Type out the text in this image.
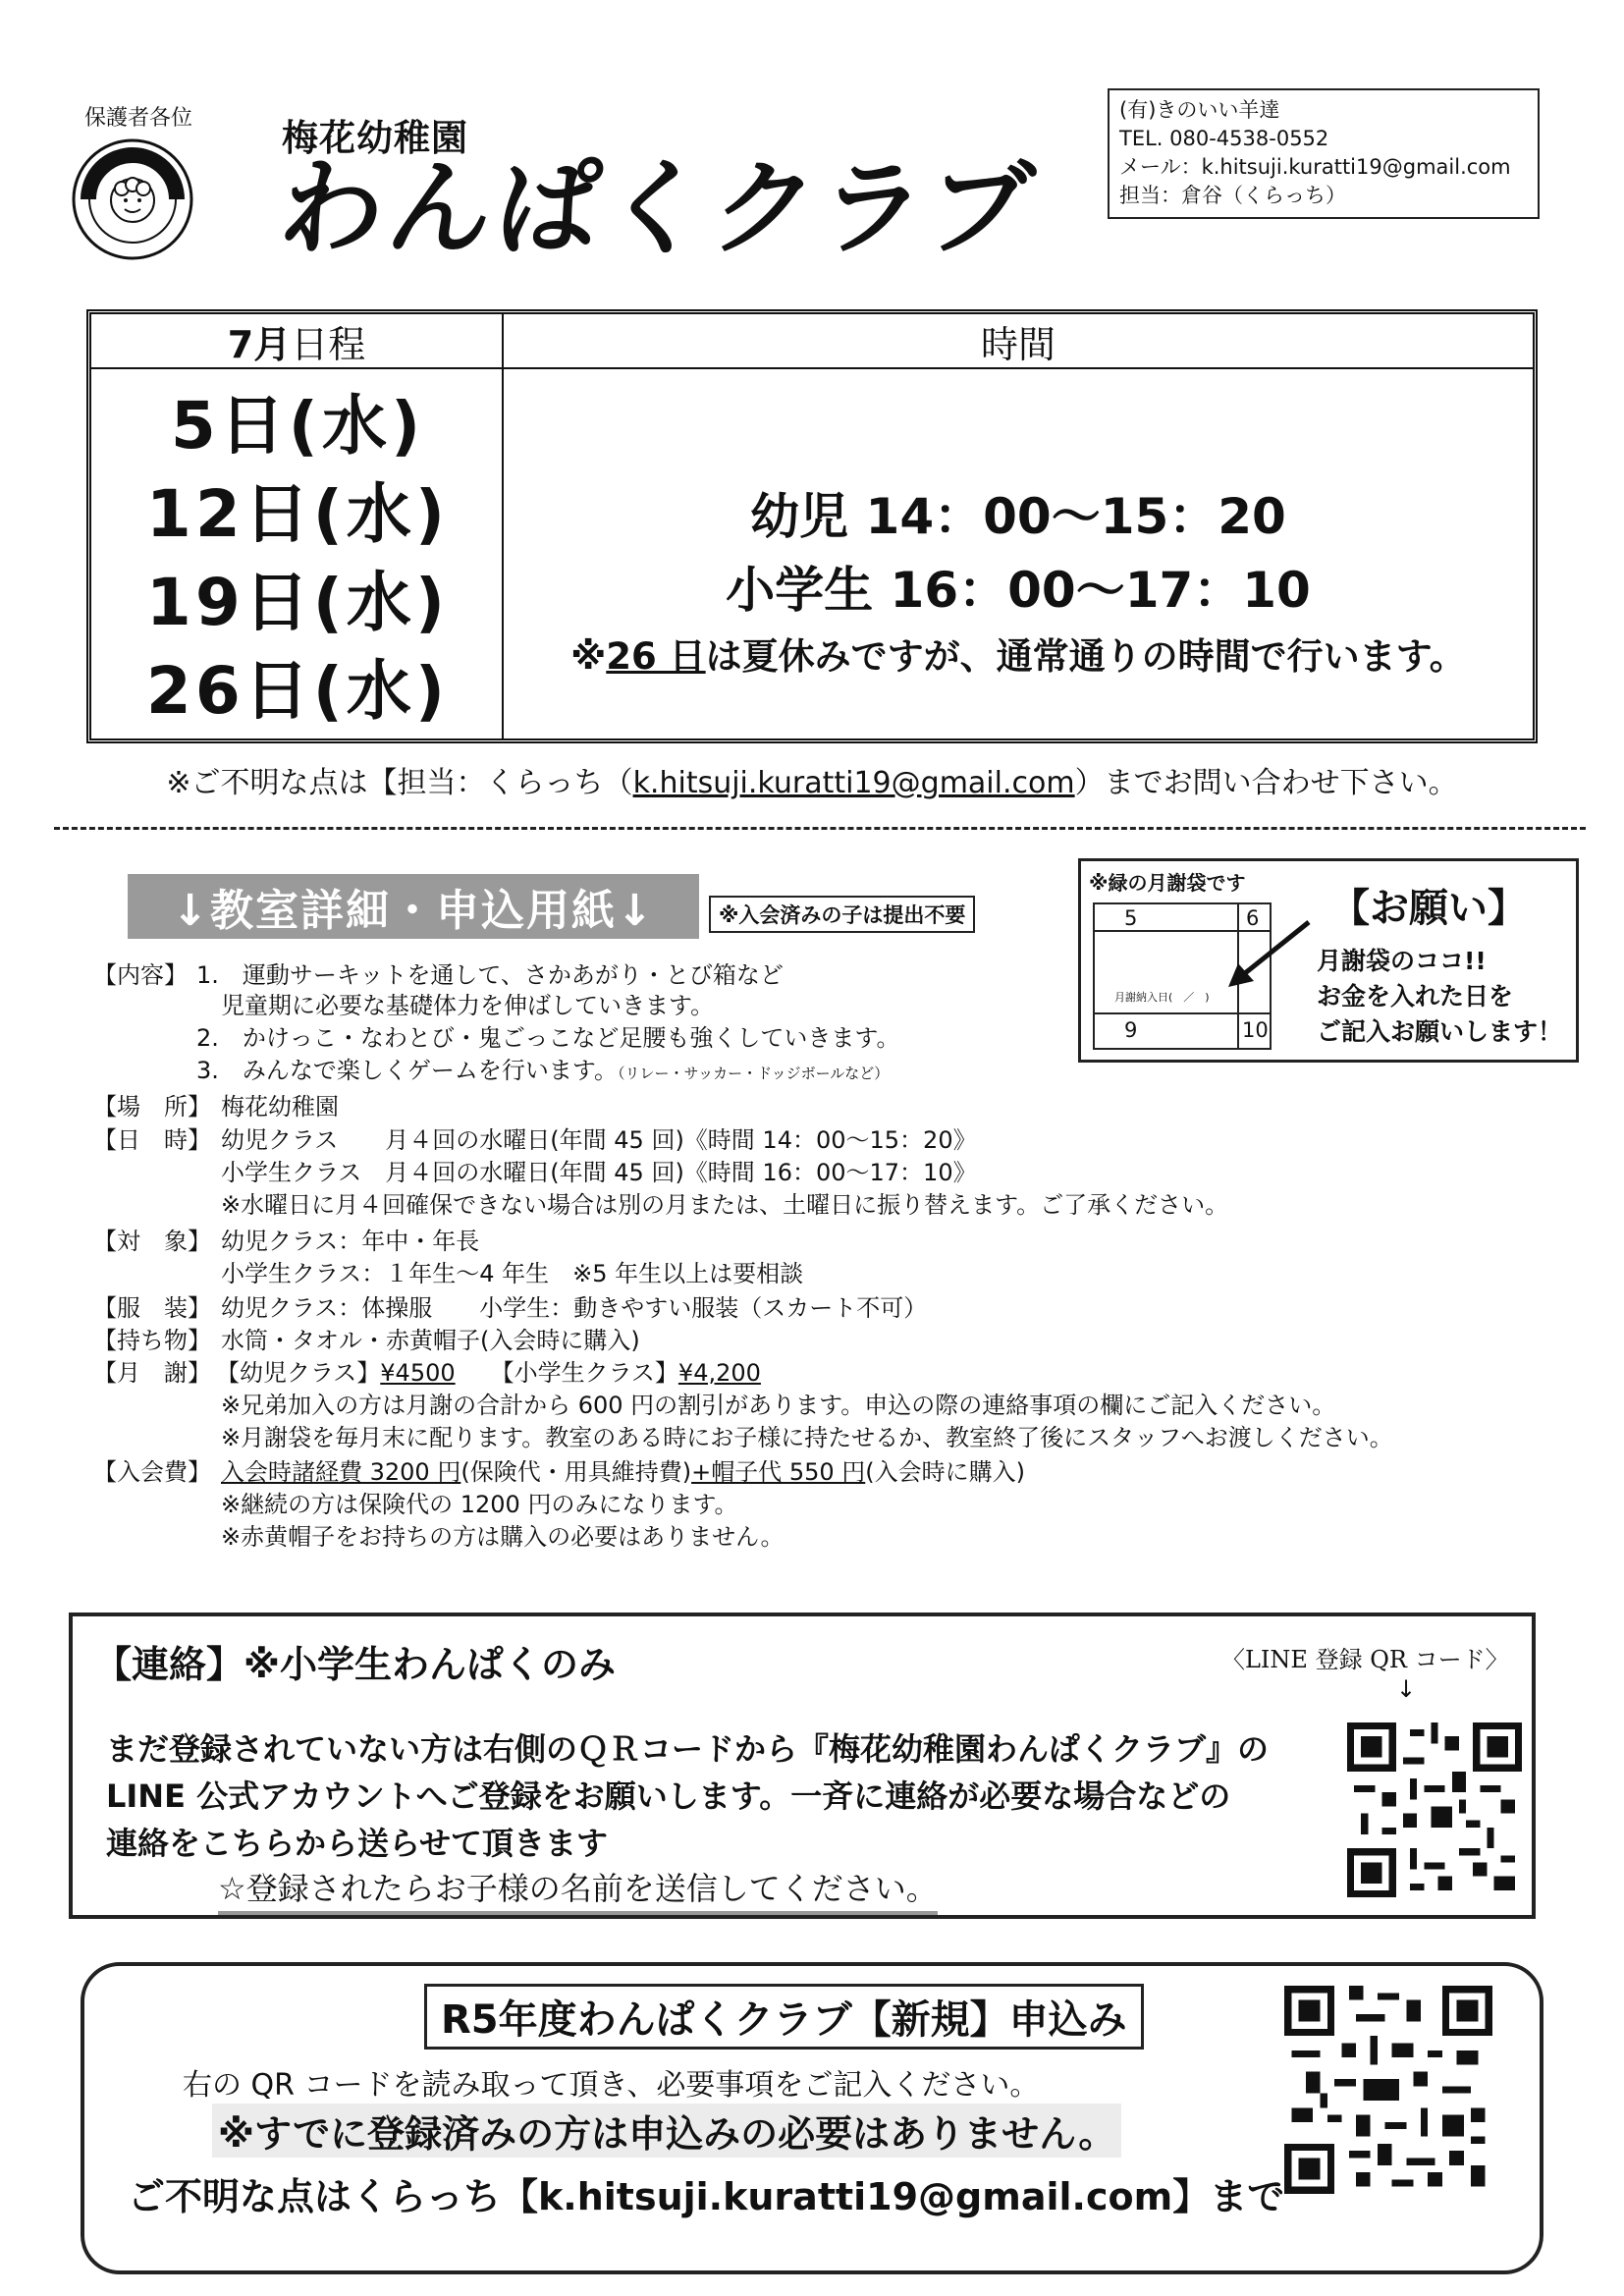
保護者各位 梅花幼稚園
わんぱくクラブ
(有)きのいい羊達
TEL. 080-4538-0552
メール：k.hitsuji.kuratti19@gmail.com
担当：倉谷（くらっち）
7月 日程	時間
5日(水)
12日(水)
19日(水)
26日(水)
幼児 14：00〜15：20
小学生 16：00〜17：10
※26 日は夏休みですが、通常通りの時間で行います。
※ご不明な点は【担当：くらっち（k.hitsuji.kuratti19@gmail.com）までお問い合わせ下さい。
↓教室詳細・申込用紙↓	※入会済みの子は提出不要
※緑の月謝袋です
5	6
9	10
月謝納入日(　／　)
【お願い】
月謝袋のココ!!
お金を入れた日を
ご記入お願いします！
【内容】 1.　運動サーキットを通して、さかあがり・とび箱など
児童期に必要な基礎体力を伸ばしていきます。
2.　かけっこ・なわとび・鬼ごっこなど足腰も強くしていきます。
3.　みんなで楽しくゲームを行います。（リレー・サッカー・ドッジボールなど）
【場　所】 梅花幼稚園
【日　時】 幼児クラス　　月４回の水曜日(年間 45 回)《時間 14：00〜15：20》
小学生クラス　月４回の水曜日(年間 45 回)《時間 16：00〜17：10》
※水曜日に月４回確保できない場合は別の月または、土曜日に振り替えます。ご了承ください。
【対　象】 幼児クラス：年中・年長
小学生クラス：１年生〜4 年生　※5 年生以上は要相談
【服　装】 幼児クラス：体操服　　小学生：動きやすい服装（スカート不可）
【持ち物】 水筒・タオル・赤黄帽子(入会時に購入)
【月　謝】 【幼児クラス】¥4500　　 【小学生クラス】¥4,200
※兄弟加入の方は月謝の合計から 600 円の割引があります。申込の際の連絡事項の欄にご記入ください。
※月謝袋を毎月末に配ります。教室のある時にお子様に持たせるか、教室終了後にスタッフへお渡しください。
【入会費】 入会時諸経費 3200 円(保険代・用具維持費)+帽子代 550 円(入会時に購入)
※継続の方は保険代の 1200 円のみになります。
※赤黄帽子をお持ちの方は購入の必要はありません。
【連絡】※小学生わんぱくのみ	〈LINE 登録 QR コード〉
↓
まだ登録されていない方は右側のＱＲコードから『梅花幼稚園わんぱくクラブ』の
LINE 公式アカウントへご登録をお願いします。一斉に連絡が必要な場合などの
連絡をこちらから送らせて頂きます
☆登録されたらお子様の名前を送信してください。
R5年度わんぱくクラブ【新規】申込み
右の QR コードを読み取って頂き、必要事項をご記入ください。
※すでに登録済みの方は申込みの必要はありません。
ご不明な点はくらっち【k.hitsuji.kuratti19@gmail.com】まで
